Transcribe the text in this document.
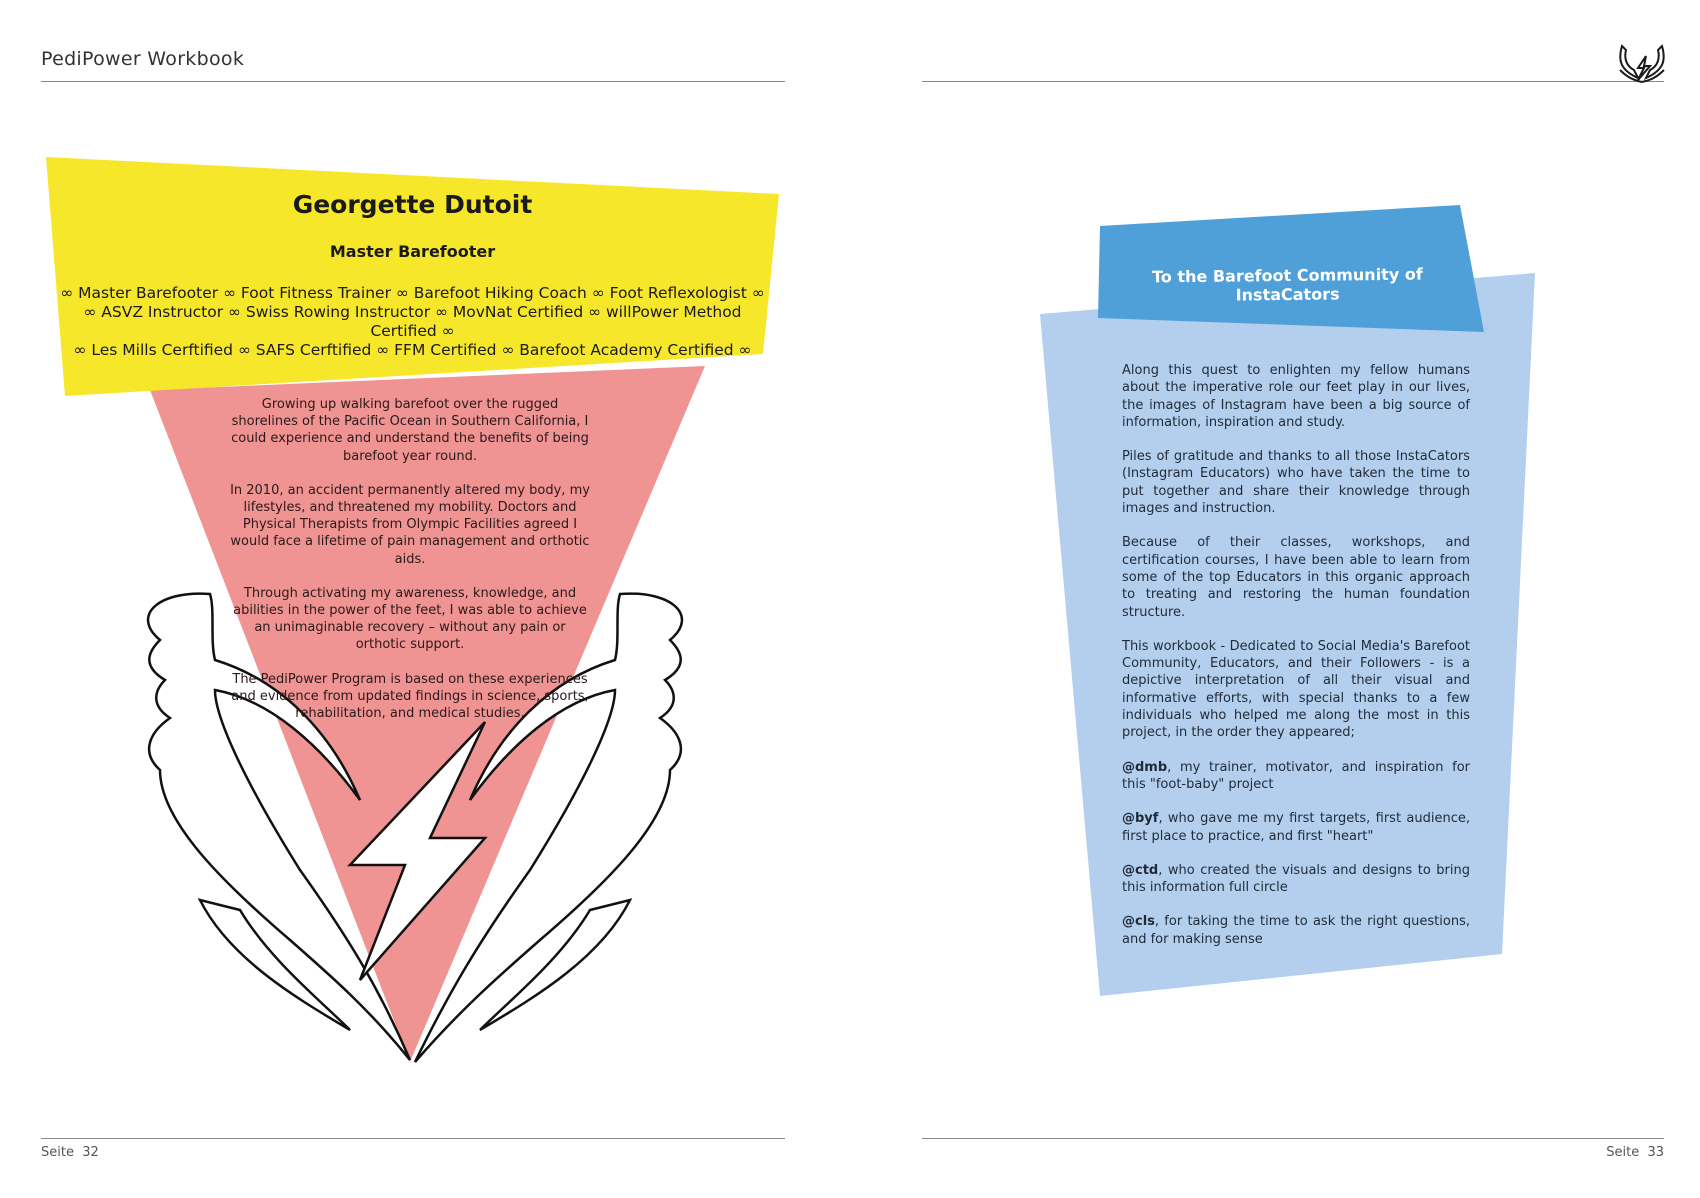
PediPower Workbook
Georgette Dutoit
Master Barefooter
∞ Master Barefooter ∞ Foot Fitness Trainer ∞ Barefoot Hiking Coach ∞ Foot Reflexologist ∞
∞ ASVZ Instructor ∞ Swiss Rowing Instructor ∞ MovNat Certified ∞ willPower Method Certified ∞
∞ Les Mills Cerftified ∞ SAFS Cerftified ∞ FFM Certified ∞ Barefoot Academy Certified ∞

Growing up walking barefoot over the rugged shorelines of the Pacific Ocean in Southern California, I could experience and understand the benefits of being barefoot year round.

In 2010, an accident permanently altered my body, my lifestyles, and threatened my mobility. Doctors and Physical Therapists from Olympic Facilities agreed I would face a lifetime of pain management and orthotic aids.

Through activating my awareness, knowledge, and abilities in the power of the feet, I was able to achieve an unimaginable recovery – without any pain or orthotic support.

The PediPower Program is based on these experiences and evidence from updated findings in science, sports, rehabilitation, and medical studies.

To the Barefoot Community of InstaCators

Along this quest to enlighten my fellow humans about the imperative role our feet play in our lives, the images of Instagram have been a big source of information, inspiration and study.

Piles of gratitude and thanks to all those InstaCators (Instagram Educators) who have taken the time to put together and share their knowledge through images and instruction.

Because of their classes, workshops, and certification courses, I have been able to learn from some of the top Educators in this organic approach to treating and restoring the human foundation structure.

This workbook - Dedicated to Social Media's Barefoot Community, Educators, and their Followers - is a depictive interpretation of all their visual and informative efforts, with special thanks to a few individuals who helped me along the most in this project, in the order they appeared;

@dmb, my trainer, motivator, and inspiration for this "foot-baby" project

@byf, who gave me my first targets, first audience, first place to practice, and first "heart"

@ctd, who created the visuals and designs to bring this information full circle

@cls, for taking the time to ask the right questions, and for making sense

Seite  32	Seite  33
